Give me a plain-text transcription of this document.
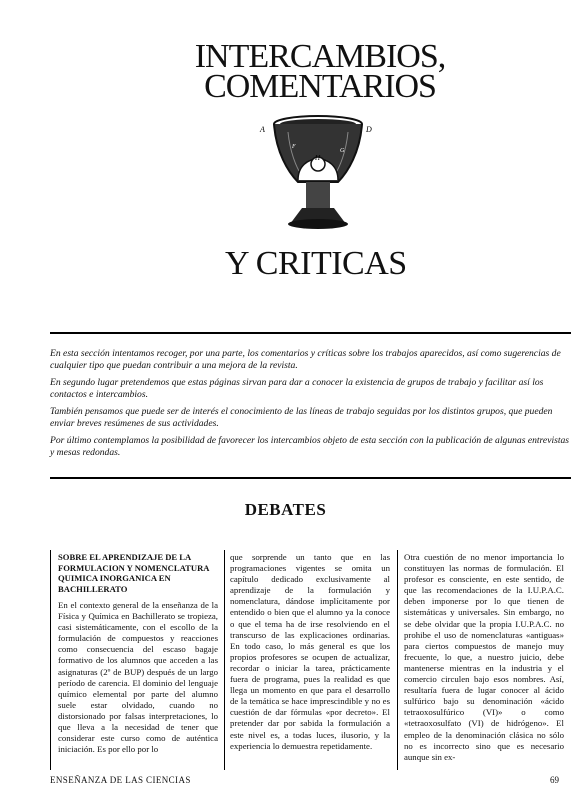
INTERCAMBIOS,
COMENTARIOS
A	D
F
H
G
Y CRITICAS

En esta sección intentamos recoger, por una parte, los comentarios y críticas sobre los trabajos aparecidos, así como sugerencias de cualquier tipo que puedan contribuir a una mejora de la revista.

En segundo lugar pretendemos que estas páginas sirvan para dar a conocer la existencia de grupos de trabajo y facilitar así los contactos e intercambios.

También pensamos que puede ser de interés el conocimiento de las líneas de trabajo seguidas por los distintos grupos, que pueden enviar breves resúmenes de sus actividades.

Por último contemplamos la posibilidad de favorecer los intercambios objeto de esta sección con la publicación de algunas entrevistas y mesas redondas.

DEBATES
SOBRE EL APRENDIZAJE DE LA FORMULACION Y NOMENCLATURA QUIMICA INORGANICA EN BACHILLERATO

En el contexto general de la enseñanza de la Física y Química en Bachillerato se tropieza, casi sistemáticamente, con el escollo de la formulación de compuestos y reacciones como consecuencia del escaso bagaje formativo de los alumnos que acceden a las asignaturas (2º de BUP) después de un largo período de carencia. El dominio del lenguaje químico elemental por parte del alumno suele estar olvidado, cuando no distorsionado por falsas interpretaciones, lo que lleva a la necesidad de tener que considerar este curso como de auténtica iniciación. Es por ello por lo

que sorprende un tanto que en las programaciones vigentes se omita un capítulo dedicado exclusivamente al aprendizaje de la formulación y nomenclatura, dándose implícitamente por entendido o bien que el alumno ya la conoce o que el tema ha de irse resolviendo en el transcurso de las explicaciones ordinarias. En todo caso, lo más general es que los propios profesores se ocupen de actualizar, recordar o iniciar la tarea, prácticamente fuera de programa, pues la realidad es que llega un momento en que para el desarrollo de la temática se hace imprescindible y no es cuestión de dar fórmulas «por decreto». El pretender dar por sabida la formulación a este nivel es, a todas luces, ilusorio, y la experiencia lo demuestra repetidamente.

Otra cuestión de no menor importancia lo constituyen las normas de formulación. El profesor es consciente, en este sentido, de que las recomendaciones de la I.U.P.A.C. deben imponerse por lo que tienen de sistemáticas y universales. Sin embargo, no se debe olvidar que la propia I.U.P.A.C. no prohibe el uso de nomenclaturas «antiguas» para ciertos compuestos de manejo muy frecuente, lo que, a nuestro juicio, debe mantenerse mientras en la industria y el comercio circulen bajo esos nombres. Así, resultaría fuera de lugar conocer al ácido sulfúrico bajo su denominación «ácido tetraoxosulfúrico (VI)» o como «tetraoxosulfato (VI) de hidrógeno». El empleo de la denominación clásica no sólo no es incorrecto sino que es necesario aunque sin ex-

ENSEÑANZA DE LAS CIENCIAS	69
